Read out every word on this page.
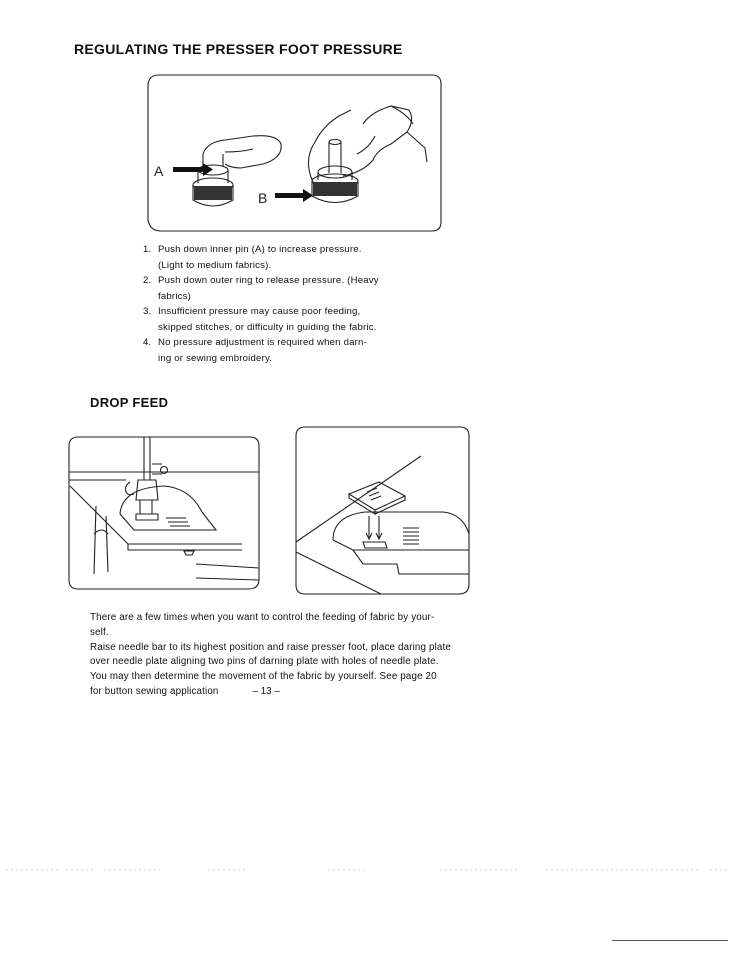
REGULATING THE PRESSER FOOT PRESSURE
A
B
1. Push down inner pin (A) to increase pressure.
(Light to medium fabrics).
2. Push down outer ring to release pressure. (Heavy
fabrics)
3. Insufficient pressure may cause poor feeding,
skipped stitches, or difficulty in guiding the fabric.
4. No pressure adjustment is required when darn-
ing or sewing embroidery.
DROP FEED

There are a few times when you want to control the feeding of fabric by your-

self.

Raise needle bar to its highest position and raise presser foot, place daring plate

over needle plate aligning two pins of darning plate with holes of needle plate.

You may then determine the movement of the fabric by yourself. See page 20

for button sewing application	– 13 –
